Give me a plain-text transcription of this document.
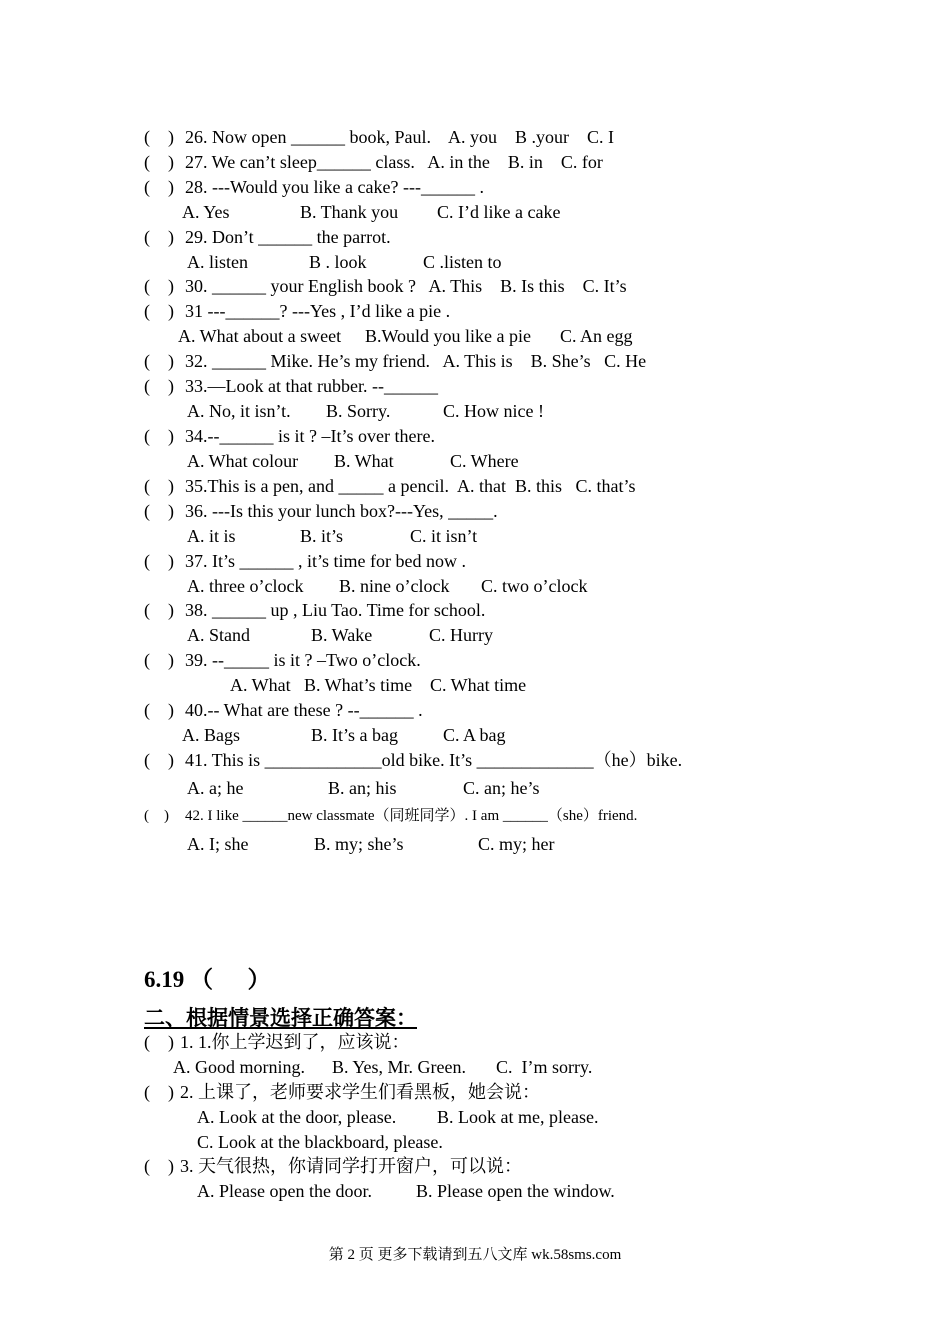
(    ) 26. Now open ______ book, Paul.    A. you    B .your    C. I
(    ) 27. We can’t sleep______ class.   A. in the    B. in    C. for
(    ) 28. ---Would you like a cake? ---______ .
A. Yes	B. Thank you C. I’d like a cake
(    ) 29. Don’t ______ the parrot.
A. listen	B . look	C .listen to
(    ) 30. ______ your English book ?   A. This    B. Is this    C. It’s
(    ) 31 ---______? ---Yes , I’d like a pie .
A. What about a sweet B.Would you like a pie C. An egg
(    ) 32. ______ Mike. He’s my friend.   A. This is    B. She’s   C. He
(    ) 33.—Look at that rubber. --______
A. No, it isn’t. B. Sorry.	C. How nice !
(    ) 34.--______ is it ? –It’s over there.
A. What colour B. What	C. Where
(    ) 35.This is a pen, and _____ a pencil.  A. that  B. this   C. that’s
(    ) 36. ---Is this your lunch box?---Yes, _____.
A. it is	B. it’s	C. it isn’t
(    ) 37. It’s ______ , it’s time for bed now .
A. three o’clock B. nine o’clock C. two o’clock
(    ) 38. ______ up , Liu Tao. Time for school.
A. Stand	B. Wake	C. Hurry
(    ) 39. --_____ is it ? –Two o’clock.
A. What B. What’s time C. What time
(    ) 40.-- What are these ? --______ .
A. Bags	B. It’s a bag	C. A bag
(    ) 41. This is _____________old bike. It’s _____________（he）bike.
A. a; he	B. an; his	C. an; he’s
(    ) 42. I like ______new classmate（同班同学）. I am ______（she）friend.
A. I; she	B. my; she’s	C. my; her
6.19 （      ）
二、根据情景选择正确答案：
(    ) 1. 1.你上学迟到了，应该说：
A. Good morning. B. Yes, Mr. Green. C.  I’m sorry.
(    ) 2. 上课了，老师要求学生们看黑板，她会说：
A. Look at the door, please. B. Look at me, please.
C. Look at the blackboard, please.
(    ) 3. 天气很热，你请同学打开窗户，可以说：
A. Please open the door. B. Please open the window.
第 2 页 更多下载请到五八文库 wk.58sms.com
